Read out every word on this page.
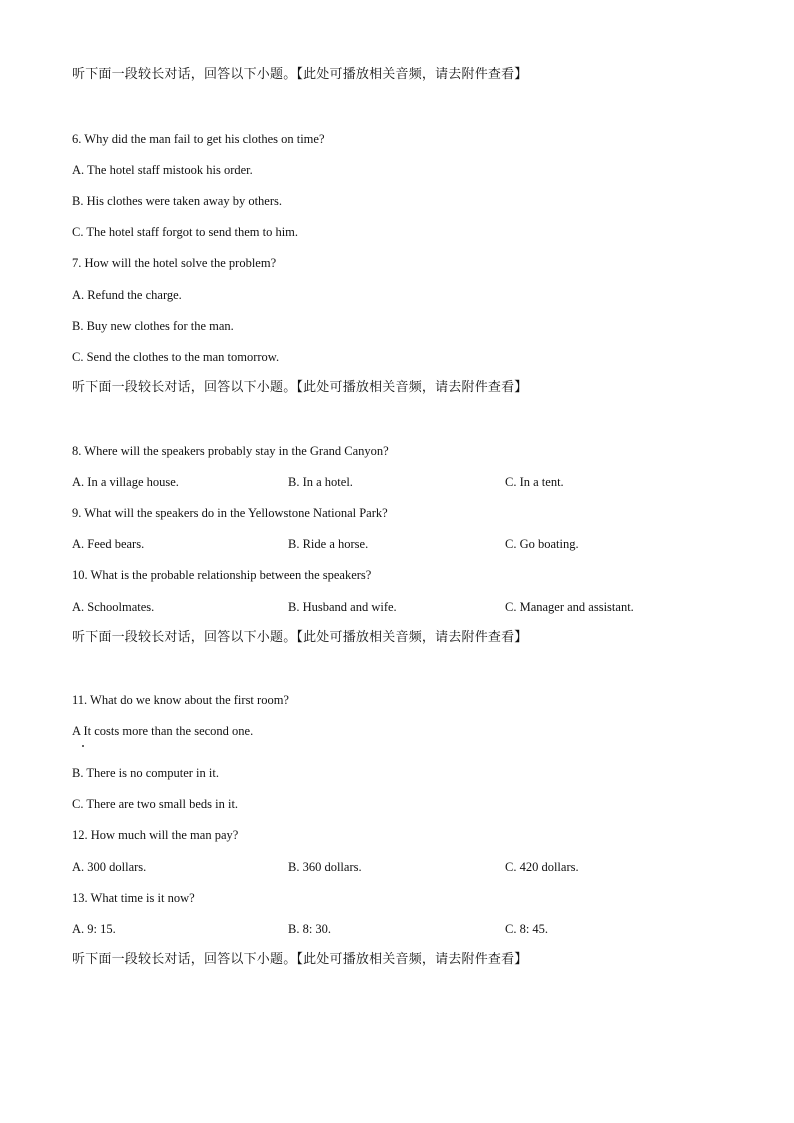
听下面一段较长对话，回答以下小题。【此处可播放相关音频，请去附件查看】
6. Why did the man fail to get his clothes on time?
A. The hotel staff mistook his order.
B. His clothes were taken away by others.
C. The hotel staff forgot to send them to him.
7. How will the hotel solve the problem?
A. Refund the charge.
B. Buy new clothes for the man.
C. Send the clothes to the man tomorrow.
听下面一段较长对话，回答以下小题。【此处可播放相关音频，请去附件查看】
8. Where will the speakers probably stay in the Grand Canyon?
A. In a village house.	B. In a hotel.	C. In a tent.
9. What will the speakers do in the Yellowstone National Park?
A. Feed bears.	B. Ride a horse.	C. Go boating.
10. What is the probable relationship between the speakers?
A. Schoolmates.	B. Husband and wife.	C. Manager and assistant.
听下面一段较长对话，回答以下小题。【此处可播放相关音频，请去附件查看】
11. What do we know about the first room?
A It costs more than the second one.
B. There is no computer in it.
C. There are two small beds in it.
12. How much will the man pay?
A. 300 dollars.	B. 360 dollars.	C. 420 dollars.
13. What time is it now?
A. 9: 15.	B. 8: 30.	C. 8: 45.
听下面一段较长对话，回答以下小题。【此处可播放相关音频，请去附件查看】
